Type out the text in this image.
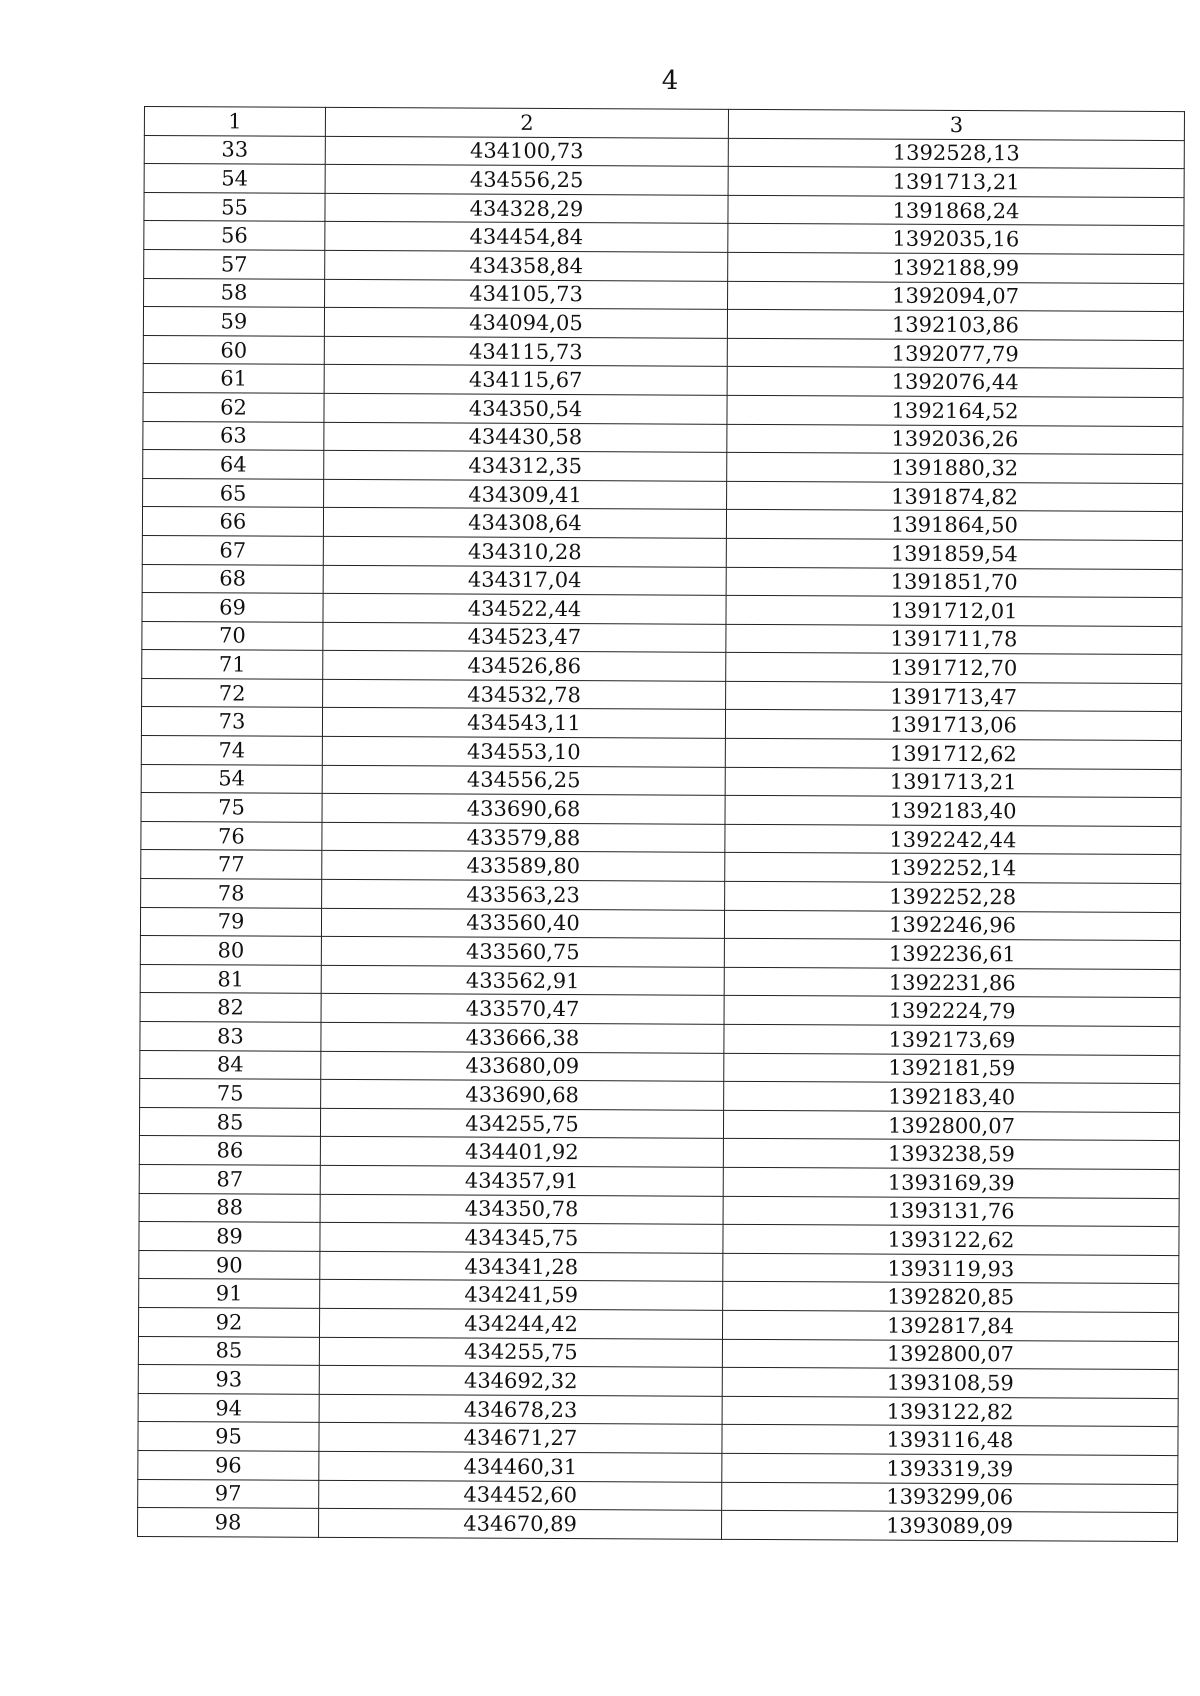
4
1	2	3
33	434100,73	1392528,13
54	434556,25	1391713,21
55	434328,29	1391868,24
56	434454,84	1392035,16
57	434358,84	1392188,99
58	434105,73	1392094,07
59	434094,05	1392103,86
60	434115,73	1392077,79
61	434115,67	1392076,44
62	434350,54	1392164,52
63	434430,58	1392036,26
64	434312,35	1391880,32
65	434309,41	1391874,82
66	434308,64	1391864,50
67	434310,28	1391859,54
68	434317,04	1391851,70
69	434522,44	1391712,01
70	434523,47	1391711,78
71	434526,86	1391712,70
72	434532,78	1391713,47
73	434543,11	1391713,06
74	434553,10	1391712,62
54	434556,25	1391713,21
75	433690,68	1392183,40
76	433579,88	1392242,44
77	433589,80	1392252,14
78	433563,23	1392252,28
79	433560,40	1392246,96
80	433560,75	1392236,61
81	433562,91	1392231,86
82	433570,47	1392224,79
83	433666,38	1392173,69
84	433680,09	1392181,59
75	433690,68	1392183,40
85	434255,75	1392800,07
86	434401,92	1393238,59
87	434357,91	1393169,39
88	434350,78	1393131,76
89	434345,75	1393122,62
90	434341,28	1393119,93
91	434241,59	1392820,85
92	434244,42	1392817,84
85	434255,75	1392800,07
93	434692,32	1393108,59
94	434678,23	1393122,82
95	434671,27	1393116,48
96	434460,31	1393319,39
97	434452,60	1393299,06
98	434670,89	1393089,09
